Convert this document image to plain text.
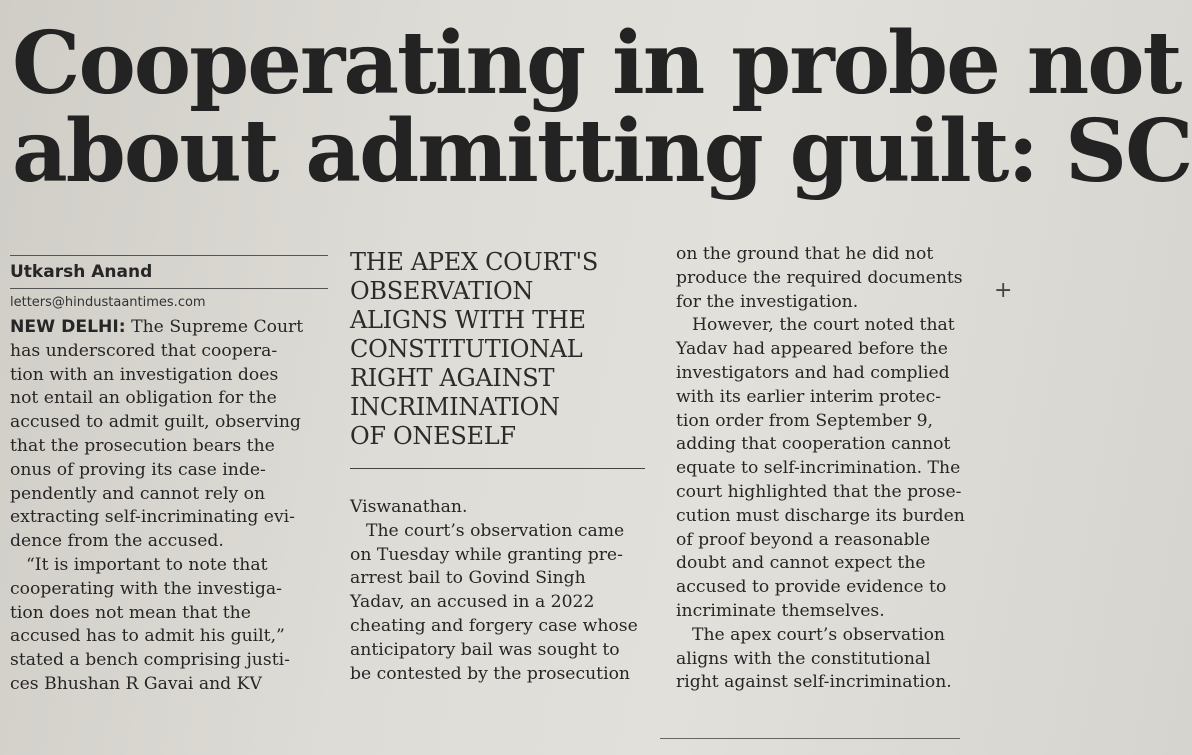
Cooperating in probe not
about admitting guilt: SC
Utkarsh Anand
letters@hindustaantimes.com

NEW DELHI: The Supreme Court
has underscored that coopera-
tion with an investigation does
not entail an obligation for the
accused to admit guilt, observing
that the prosecution bears the
onus of proving its case inde-
pendently and cannot rely on
extracting self-incriminating evi-
dence from the accused.
“It is important to note that
cooperating with the investiga-
tion does not mean that the
accused has to admit his guilt,”
stated a bench comprising justi-
ces Bhushan R Gavai and KV

THE APEX COURT'S
OBSERVATION
ALIGNS WITH THE
CONSTITUTIONAL
RIGHT AGAINST
INCRIMINATION
OF ONESELF

Viswanathan.
The court’s observation came
on Tuesday while granting pre-
arrest bail to Govind Singh
Yadav, an accused in a 2022
cheating and forgery case whose
anticipatory bail was sought to
be contested by the prosecution

on the ground that he did not
produce the required documents
for the investigation.
However, the court noted that
Yadav had appeared before the
investigators and had complied
with its earlier interim protec-
tion order from September 9,
adding that cooperation cannot
equate to self-incrimination. The
court highlighted that the prose-
cution must discharge its burden
of proof beyond a reasonable
doubt and cannot expect the
accused to provide evidence to
incriminate themselves.
The apex court’s observation
aligns with the constitutional
right against self-incrimination.

+
